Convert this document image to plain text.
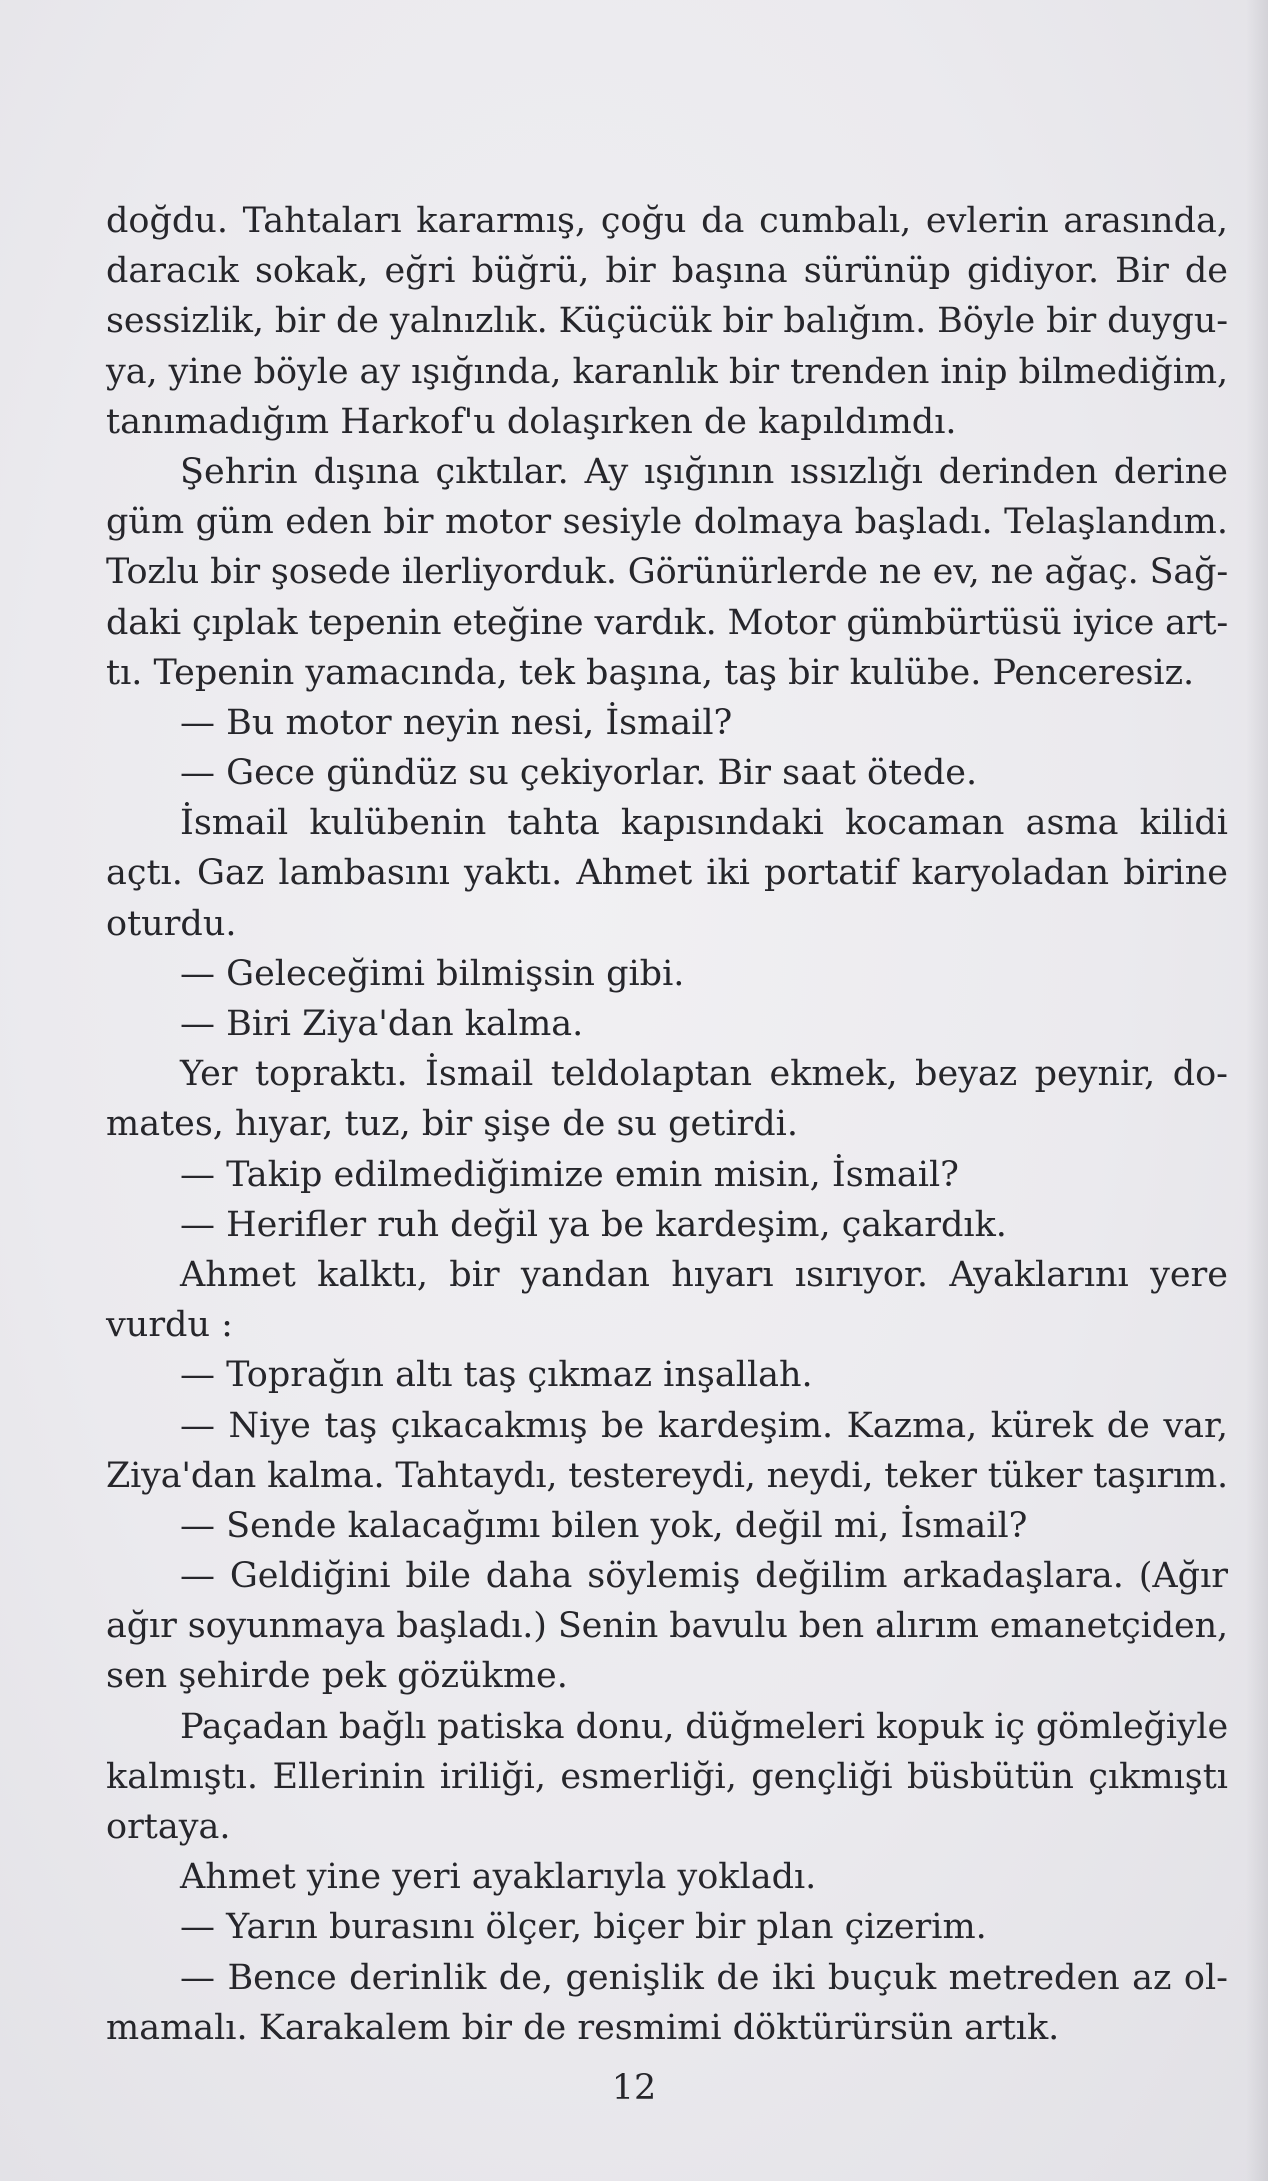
doğdu. Tahtaları kararmış, çoğu da cumbalı, evlerin arasında,
daracık sokak, eğri büğrü, bir başına sürünüp gidiyor. Bir de
sessizlik, bir de yalnızlık. Küçücük bir balığım. Böyle bir duygu-
ya, yine böyle ay ışığında, karanlık bir trenden inip bilmediğim,
tanımadığım Harkof'u dolaşırken de kapıldımdı.
Şehrin dışına çıktılar. Ay ışığının ıssızlığı derinden derine
güm güm eden bir motor sesiyle dolmaya başladı. Telaşlandım.
Tozlu bir şosede ilerliyorduk. Görünürlerde ne ev, ne ağaç. Sağ-
daki çıplak tepenin eteğine vardık. Motor gümbürtüsü iyice art-
tı. Tepenin yamacında, tek başına, taş bir kulübe. Penceresiz.
— Bu motor neyin nesi, İsmail?
— Gece gündüz su çekiyorlar. Bir saat ötede.
İsmail kulübenin tahta kapısındaki kocaman asma kilidi
açtı. Gaz lambasını yaktı. Ahmet iki portatif karyoladan birine
oturdu.
— Geleceğimi bilmişsin gibi.
— Biri Ziya'dan kalma.
Yer topraktı. İsmail teldolaptan ekmek, beyaz peynir, do-
mates, hıyar, tuz, bir şişe de su getirdi.
— Takip edilmediğimize emin misin, İsmail?
— Herifler ruh değil ya be kardeşim, çakardık.
Ahmet kalktı, bir yandan hıyarı ısırıyor. Ayaklarını yere
vurdu :
— Toprağın altı taş çıkmaz inşallah.
— Niye taş çıkacakmış be kardeşim. Kazma, kürek de var,
Ziya'dan kalma. Tahtaydı, testereydi, neydi, teker tüker taşırım.
— Sende kalacağımı bilen yok, değil mi, İsmail?
— Geldiğini bile daha söylemiş değilim arkadaşlara. (Ağır
ağır soyunmaya başladı.) Senin bavulu ben alırım emanetçiden,
sen şehirde pek gözükme.
Paçadan bağlı patiska donu, düğmeleri kopuk iç gömleğiyle
kalmıştı. Ellerinin iriliği, esmerliği, gençliği büsbütün çıkmıştı
ortaya.
Ahmet yine yeri ayaklarıyla yokladı.
— Yarın burasını ölçer, biçer bir plan çizerim.
— Bence derinlik de, genişlik de iki buçuk metreden az ol-
mamalı. Karakalem bir de resmimi döktürürsün artık.
12
